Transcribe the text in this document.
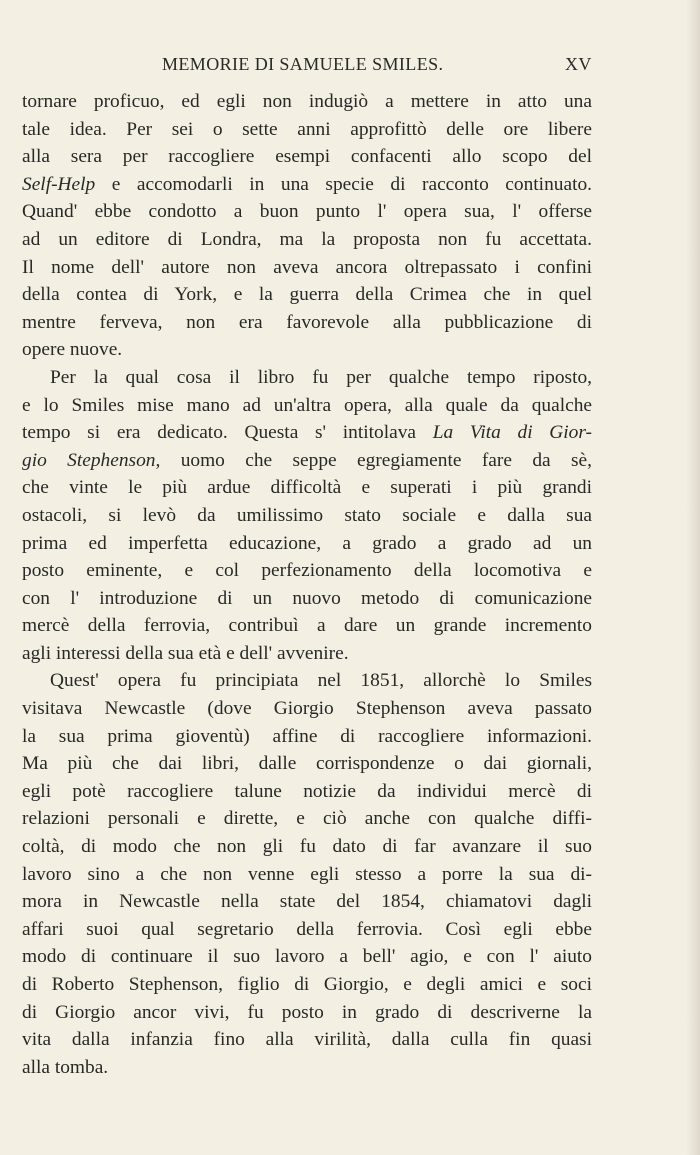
MEMORIE DI SAMUELE SMILES.	XV
tornare proficuo, ed egli non indugiò a mettere in atto una
tale idea. Per sei o sette anni approfittò delle ore libere
alla sera per raccogliere esempi confacenti allo scopo del
Self-Help e accomodarli in una specie di racconto continuato.
Quand' ebbe condotto a buon punto l' opera sua, l' offerse
ad un editore di Londra, ma la proposta non fu accettata.
Il nome dell' autore non aveva ancora oltrepassato i confini
della contea di York, e la guerra della Crimea che in quel
mentre ferveva, non era favorevole alla pubblicazione di
opere nuove.
Per la qual cosa il libro fu per qualche tempo riposto,
e lo Smiles mise mano ad un'altra opera, alla quale da qualche
tempo si era dedicato. Questa s' intitolava La Vita di Gior-
gio Stephenson, uomo che seppe egregiamente fare da sè,
che vinte le più ardue difficoltà e superati i più grandi
ostacoli, si levò da umilissimo stato sociale e dalla sua
prima ed imperfetta educazione, a grado a grado ad un
posto eminente, e col perfezionamento della locomotiva e
con l' introduzione di un nuovo metodo di comunicazione
mercè della ferrovia, contribuì a dare un grande incremento
agli interessi della sua età e dell' avvenire.
Quest' opera fu principiata nel 1851, allorchè lo Smiles
visitava Newcastle (dove Giorgio Stephenson aveva passato
la sua prima gioventù) affine di raccogliere informazioni.
Ma più che dai libri, dalle corrispondenze o dai giornali,
egli potè raccogliere talune notizie da individui mercè di
relazioni personali e dirette, e ciò anche con qualche diffi-
coltà, di modo che non gli fu dato di far avanzare il suo
lavoro sino a che non venne egli stesso a porre la sua di-
mora in Newcastle nella state del 1854, chiamatovi dagli
affari suoi qual segretario della ferrovia. Così egli ebbe
modo di continuare il suo lavoro a bell' agio, e con l' aiuto
di Roberto Stephenson, figlio di Giorgio, e degli amici e soci
di Giorgio ancor vivi, fu posto in grado di descriverne la
vita dalla infanzia fino alla virilità, dalla culla fin quasi
alla tomba.
